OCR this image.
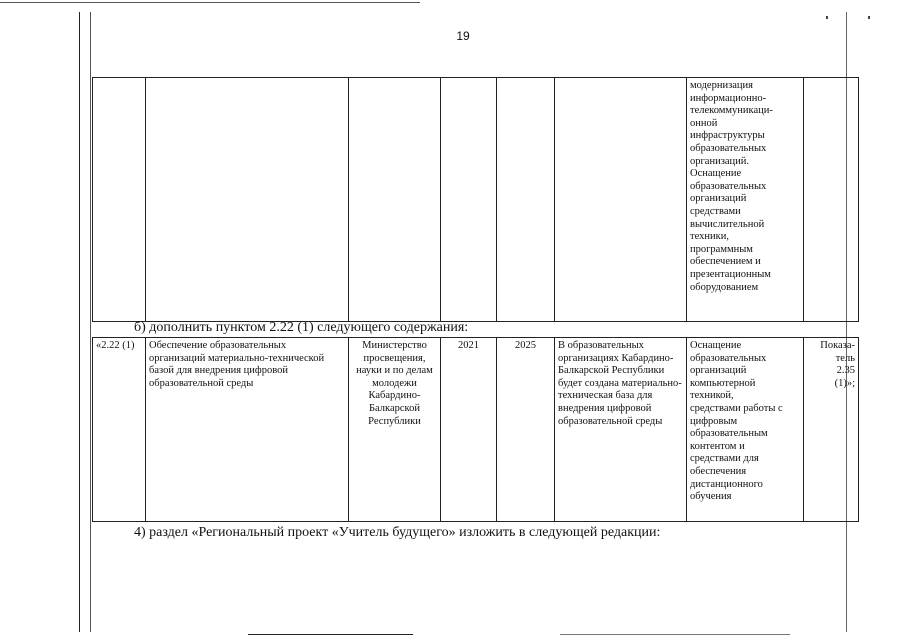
19
						модернизация
информационно-
телекоммуникаци-
онной
инфраструктуры
образовательных
организаций.
Оснащение
образовательных
организаций
средствами
вычислительной
техники,
программным
обеспечением и
презентационным
оборудованием	
б) дополнить пунктом 2.22 (1) следующего содержания:
«2.22 (1)	Обеспечение образовательных организаций материально-технической базой для внедрения цифровой образовательной среды	Министерство просвещения, науки и по делам молодежи Кабардино-Балкарской Республики	2021	2025	В образовательных организациях Кабардино-Балкарской Республики будет создана материально-техническая база для внедрения цифровой образовательной среды	Оснащение
образовательных
организаций
компьютерной
техникой,
средствами работы с
цифровым
образовательным
контентом и
средствами для
обеспечения
дистанционного
обучения	Показа-
тель
2.35
(1)»;
4) раздел «Региональный проект «Учитель будущего» изложить в следующей редакции:
